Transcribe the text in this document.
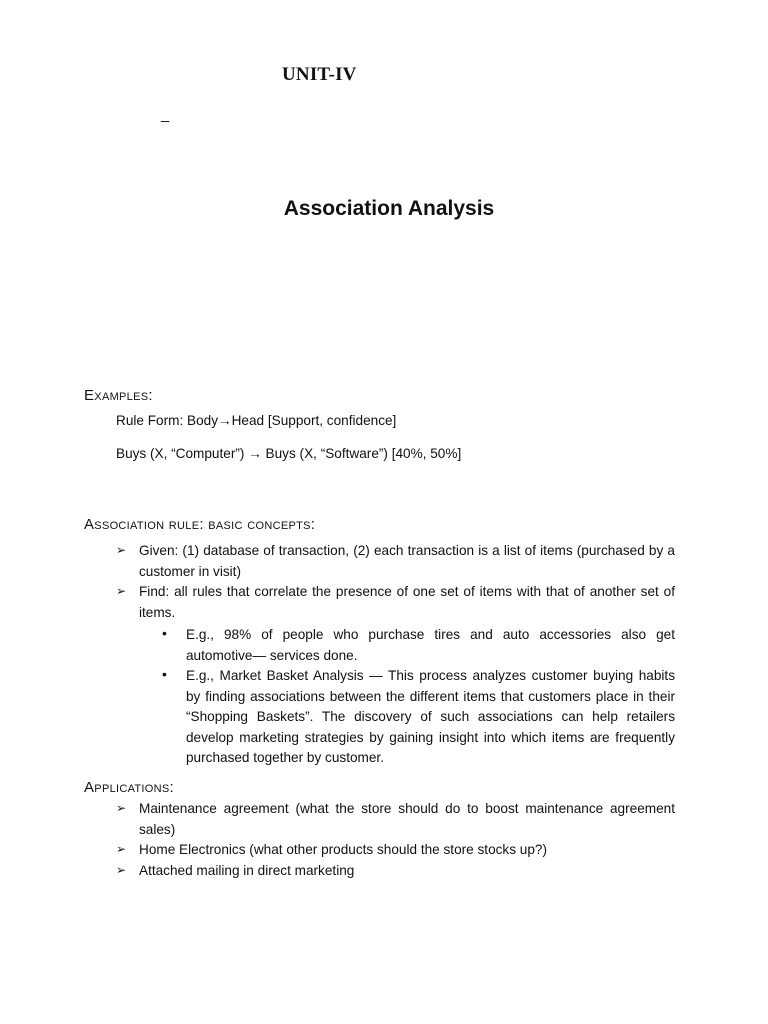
UNIT-IV
_
Association Analysis
Examples:
Rule Form: Body→Head [Support, confidence]
Buys (X, “Computer”) → Buys (X, “Software”) [40%, 50%]
Association rule: basic concepts:
➢ Given: (1) database of transaction, (2) each transaction is a list of items (purchased by a customer in visit)
➢ Find: all rules that correlate the presence of one set of items with that of another set of items.
• E.g., 98% of people who purchase tires and auto accessories also get automotive— services done.
• E.g., Market Basket Analysis — This process analyzes customer buying habits by finding associations between the different items that customers place in their “Shopping Baskets”. The discovery of such associations can help retailers develop marketing strategies by gaining insight into which items are frequently purchased together by customer.
Applications:
➢ Maintenance agreement (what the store should do to boost maintenance agreement sales)
➢ Home Electronics (what other products should the store stocks up?)
➢ Attached mailing in direct marketing
